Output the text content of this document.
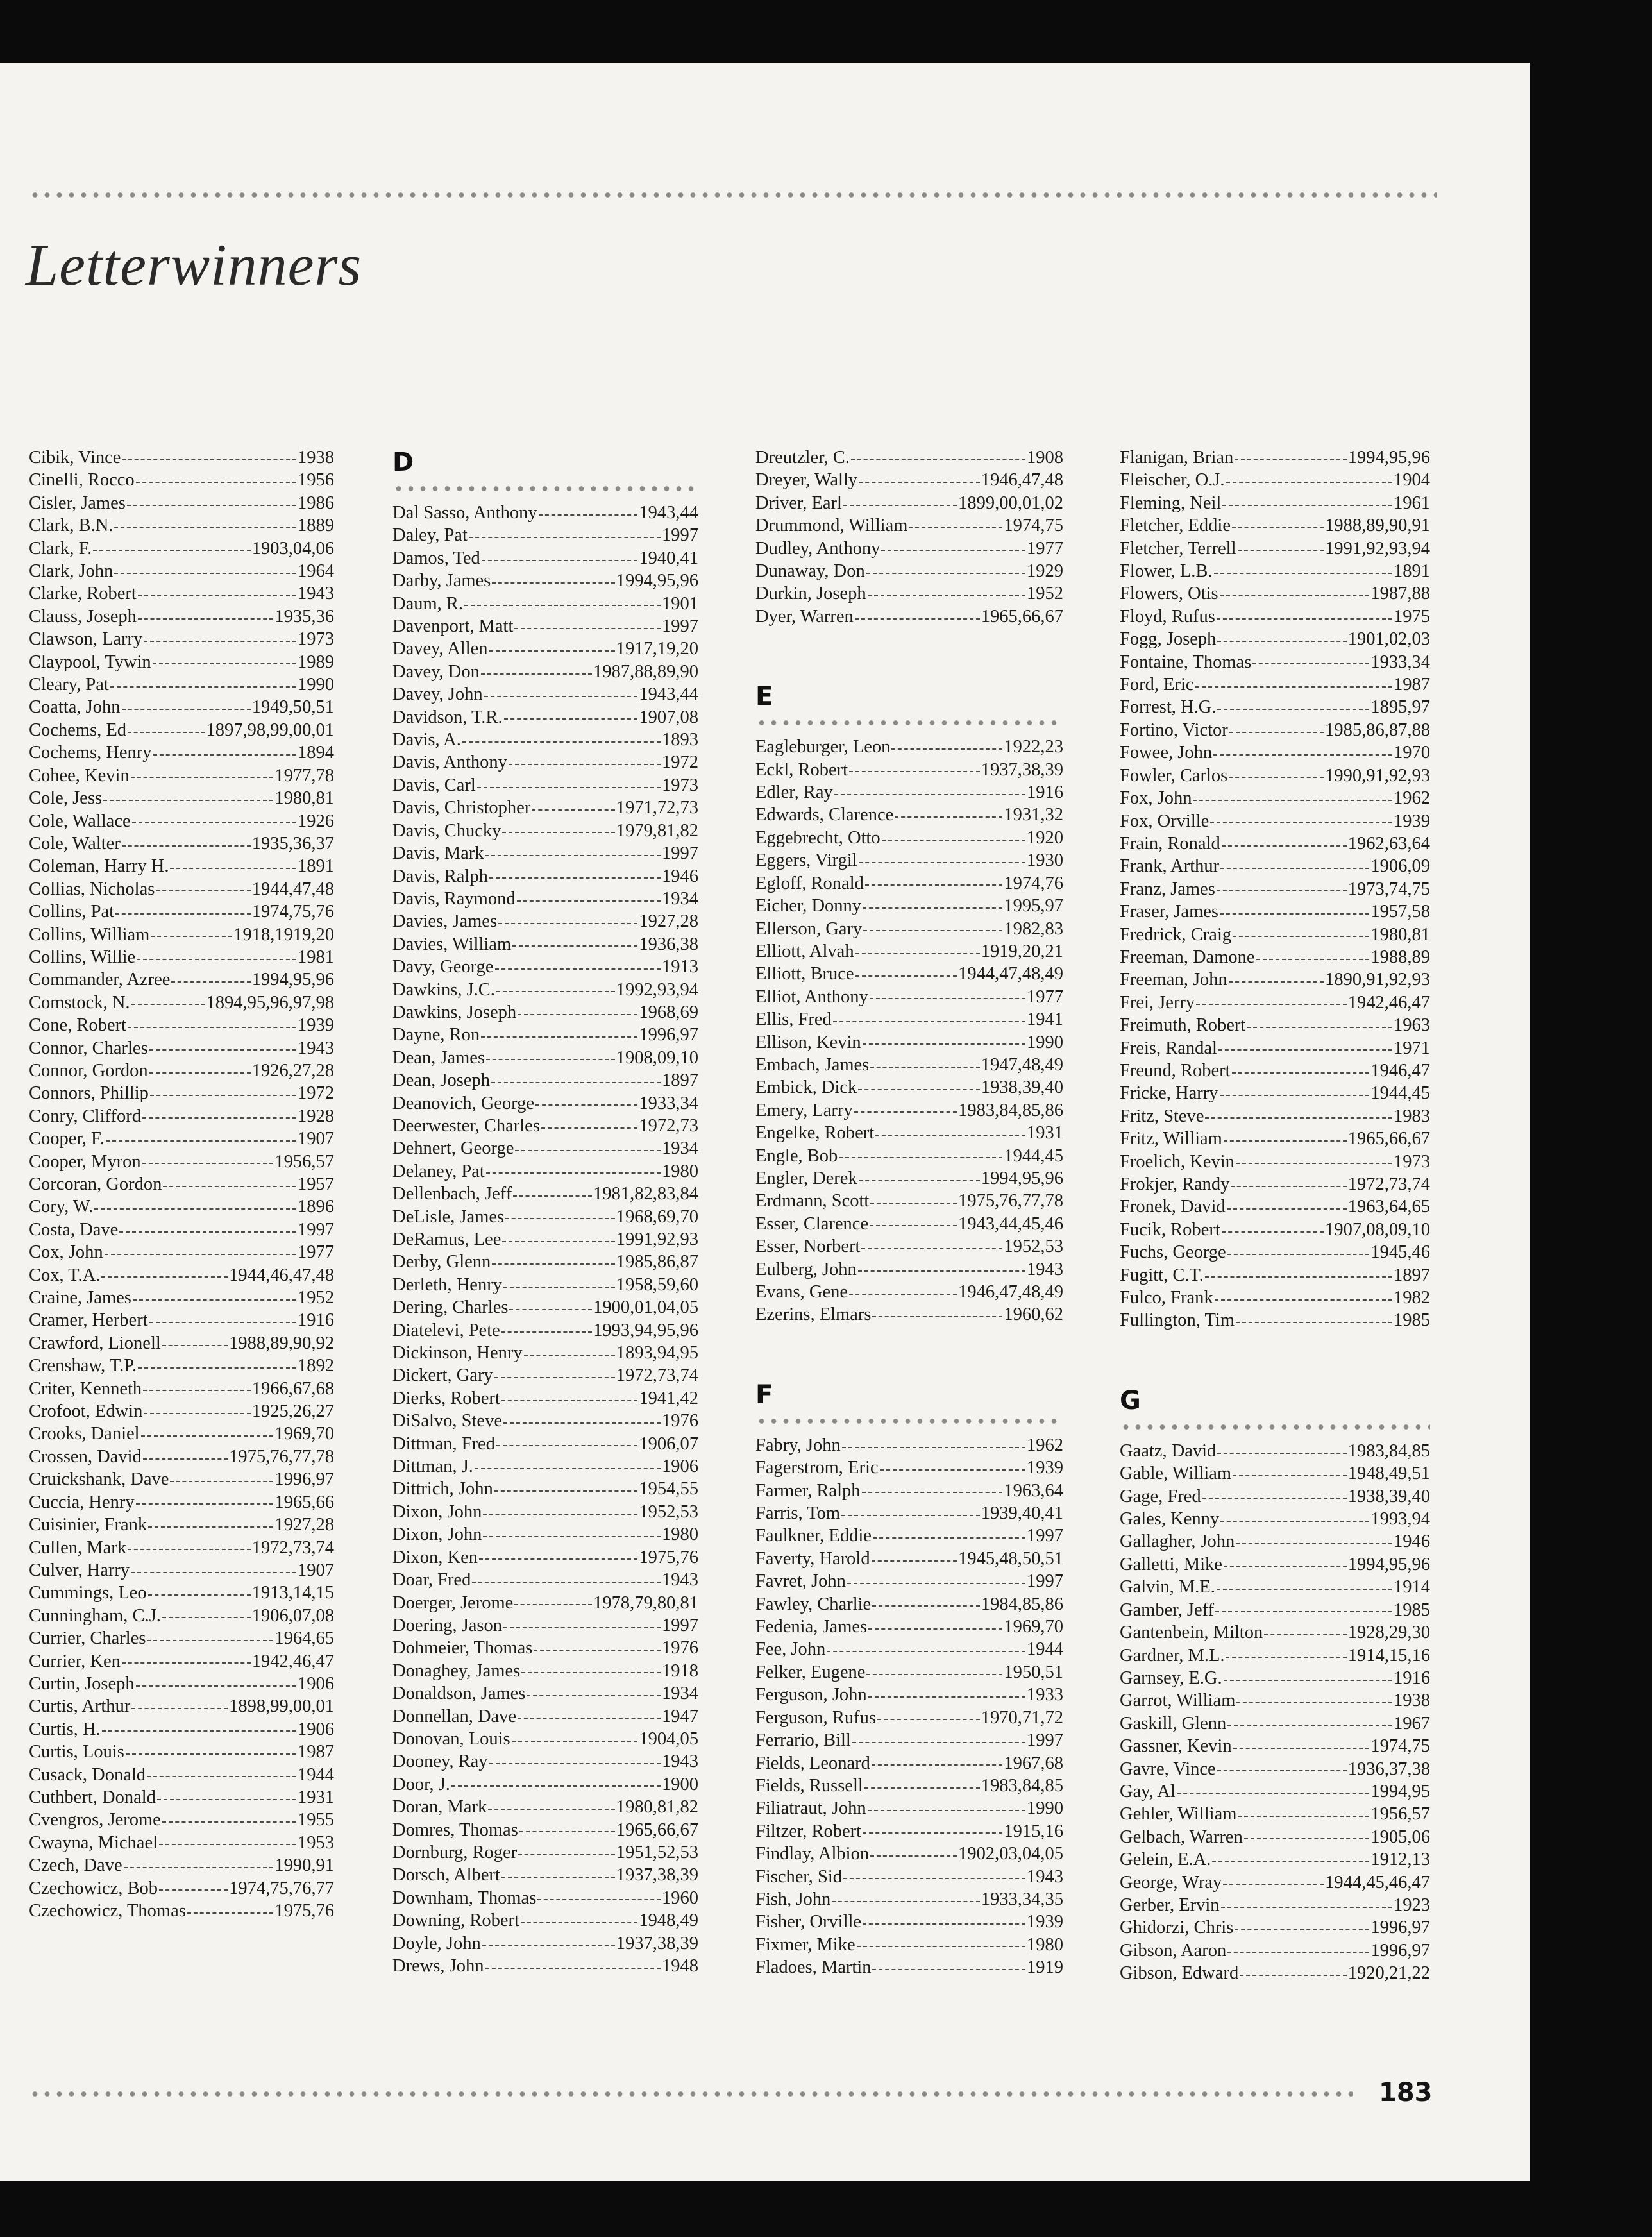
Letterwinners
Cibik, Vince	1938
Cinelli, Rocco	1956
Cisler, James	1986
Clark, B.N.	1889
Clark, F.	1903,04,06
Clark, John	1964
Clarke, Robert	1943
Clauss, Joseph	1935,36
Clawson, Larry	1973
Claypool, Tywin	1989
Cleary, Pat	1990
Coatta, John	1949,50,51
Cochems, Ed	1897,98,99,00,01
Cochems, Henry	1894
Cohee, Kevin	1977,78
Cole, Jess	1980,81
Cole, Wallace	1926
Cole, Walter	1935,36,37
Coleman, Harry H.	1891
Collias, Nicholas	1944,47,48
Collins, Pat	1974,75,76
Collins, William	1918,1919,20
Collins, Willie	1981
Commander, Azree	1994,95,96
Comstock, N.	1894,95,96,97,98
Cone, Robert	1939
Connor, Charles	1943
Connor, Gordon	1926,27,28
Connors, Phillip	1972
Conry, Clifford	1928
Cooper, F.	1907
Cooper, Myron	1956,57
Corcoran, Gordon	1957
Cory, W.	1896
Costa, Dave	1997
Cox, John	1977
Cox, T.A.	1944,46,47,48
Craine, James	1952
Cramer, Herbert	1916
Crawford, Lionell	1988,89,90,92
Crenshaw, T.P.	1892
Criter, Kenneth	1966,67,68
Crofoot, Edwin	1925,26,27
Crooks, Daniel	1969,70
Crossen, David	1975,76,77,78
Cruickshank, Dave	1996,97
Cuccia, Henry	1965,66
Cuisinier, Frank	1927,28
Cullen, Mark	1972,73,74
Culver, Harry	1907
Cummings, Leo	1913,14,15
Cunningham, C.J.	1906,07,08
Currier, Charles	1964,65
Currier, Ken	1942,46,47
Curtin, Joseph	1906
Curtis, Arthur	1898,99,00,01
Curtis, H.	1906
Curtis, Louis	1987
Cusack, Donald	1944
Cuthbert, Donald	1931
Cvengros, Jerome	1955
Cwayna, Michael	1953
Czech, Dave	1990,91
Czechowicz, Bob	1974,75,76,77
Czechowicz, Thomas	1975,76
D
Dal Sasso, Anthony	1943,44
Daley, Pat	1997
Damos, Ted	1940,41
Darby, James	1994,95,96
Daum, R.	1901
Davenport, Matt	1997
Davey, Allen	1917,19,20
Davey, Don	1987,88,89,90
Davey, John	1943,44
Davidson, T.R.	1907,08
Davis, A.	1893
Davis, Anthony	1972
Davis, Carl	1973
Davis, Christopher	1971,72,73
Davis, Chucky	1979,81,82
Davis, Mark	1997
Davis, Ralph	1946
Davis, Raymond	1934
Davies, James	1927,28
Davies, William	1936,38
Davy, George	1913
Dawkins, J.C.	1992,93,94
Dawkins, Joseph	1968,69
Dayne, Ron	1996,97
Dean, James	1908,09,10
Dean, Joseph	1897
Deanovich, George	1933,34
Deerwester, Charles	1972,73
Dehnert, George	1934
Delaney, Pat	1980
Dellenbach, Jeff	1981,82,83,84
DeLisle, James	1968,69,70
DeRamus, Lee	1991,92,93
Derby, Glenn	1985,86,87
Derleth, Henry	1958,59,60
Dering, Charles	1900,01,04,05
Diatelevi, Pete	1993,94,95,96
Dickinson, Henry	1893,94,95
Dickert, Gary	1972,73,74
Dierks, Robert	1941,42
DiSalvo, Steve	1976
Dittman, Fred	1906,07
Dittman, J.	1906
Dittrich, John	1954,55
Dixon, John	1952,53
Dixon, John	1980
Dixon, Ken	1975,76
Doar, Fred	1943
Doerger, Jerome	1978,79,80,81
Doering, Jason	1997
Dohmeier, Thomas	1976
Donaghey, James	1918
Donaldson, James	1934
Donnellan, Dave	1947
Donovan, Louis	1904,05
Dooney, Ray	1943
Door, J.	1900
Doran, Mark	1980,81,82
Domres, Thomas	1965,66,67
Dornburg, Roger	1951,52,53
Dorsch, Albert	1937,38,39
Downham, Thomas	1960
Downing, Robert	1948,49
Doyle, John	1937,38,39
Drews, John	1948
Dreutzler, C.	1908
Dreyer, Wally	1946,47,48
Driver, Earl	1899,00,01,02
Drummond, William	1974,75
Dudley, Anthony	1977
Dunaway, Don	1929
Durkin, Joseph	1952
Dyer, Warren	1965,66,67
E
Eagleburger, Leon	1922,23
Eckl, Robert	1937,38,39
Edler, Ray	1916
Edwards, Clarence	1931,32
Eggebrecht, Otto	1920
Eggers, Virgil	1930
Egloff, Ronald	1974,76
Eicher, Donny	1995,97
Ellerson, Gary	1982,83
Elliott, Alvah	1919,20,21
Elliott, Bruce	1944,47,48,49
Elliot, Anthony	1977
Ellis, Fred	1941
Ellison, Kevin	1990
Embach, James	1947,48,49
Embick, Dick	1938,39,40
Emery, Larry	1983,84,85,86
Engelke, Robert	1931
Engle, Bob	1944,45
Engler, Derek	1994,95,96
Erdmann, Scott	1975,76,77,78
Esser, Clarence	1943,44,45,46
Esser, Norbert	1952,53
Eulberg, John	1943
Evans, Gene	1946,47,48,49
Ezerins, Elmars	1960,62
F
Fabry, John	1962
Fagerstrom, Eric	1939
Farmer, Ralph	1963,64
Farris, Tom	1939,40,41
Faulkner, Eddie	1997
Faverty, Harold	1945,48,50,51
Favret, John	1997
Fawley, Charlie	1984,85,86
Fedenia, James	1969,70
Fee, John	1944
Felker, Eugene	1950,51
Ferguson, John	1933
Ferguson, Rufus	1970,71,72
Ferrario, Bill	1997
Fields, Leonard	1967,68
Fields, Russell	1983,84,85
Filiatraut, John	1990
Filtzer, Robert	1915,16
Findlay, Albion	1902,03,04,05
Fischer, Sid	1943
Fish, John	1933,34,35
Fisher, Orville	1939
Fixmer, Mike	1980
Fladoes, Martin	1919
Flanigan, Brian	1994,95,96
Fleischer, O.J.	1904
Fleming, Neil	1961
Fletcher, Eddie	1988,89,90,91
Fletcher, Terrell	1991,92,93,94
Flower, L.B.	1891
Flowers, Otis	1987,88
Floyd, Rufus	1975
Fogg, Joseph	1901,02,03
Fontaine, Thomas	1933,34
Ford, Eric	1987
Forrest, H.G.	1895,97
Fortino, Victor	1985,86,87,88
Fowee, John	1970
Fowler, Carlos	1990,91,92,93
Fox, John	1962
Fox, Orville	1939
Frain, Ronald	1962,63,64
Frank, Arthur	1906,09
Franz, James	1973,74,75
Fraser, James	1957,58
Fredrick, Craig	1980,81
Freeman, Damone	1988,89
Freeman, John	1890,91,92,93
Frei, Jerry	1942,46,47
Freimuth, Robert	1963
Freis, Randal	1971
Freund, Robert	1946,47
Fricke, Harry	1944,45
Fritz, Steve	1983
Fritz, William	1965,66,67
Froelich, Kevin	1973
Frokjer, Randy	1972,73,74
Fronek, David	1963,64,65
Fucik, Robert	1907,08,09,10
Fuchs, George	1945,46
Fugitt, C.T.	1897
Fulco, Frank	1982
Fullington, Tim	1985
G
Gaatz, David	1983,84,85
Gable, William	1948,49,51
Gage, Fred	1938,39,40
Gales, Kenny	1993,94
Gallagher, John	1946
Galletti, Mike	1994,95,96
Galvin, M.E.	1914
Gamber, Jeff	1985
Gantenbein, Milton	1928,29,30
Gardner, M.L.	1914,15,16
Garnsey, E.G.	1916
Garrot, William	1938
Gaskill, Glenn	1967
Gassner, Kevin	1974,75
Gavre, Vince	1936,37,38
Gay, Al	1994,95
Gehler, William	1956,57
Gelbach, Warren	1905,06
Gelein, E.A.	1912,13
George, Wray	1944,45,46,47
Gerber, Ervin	1923
Ghidorzi, Chris	1996,97
Gibson, Aaron	1996,97
Gibson, Edward	1920,21,22
183
